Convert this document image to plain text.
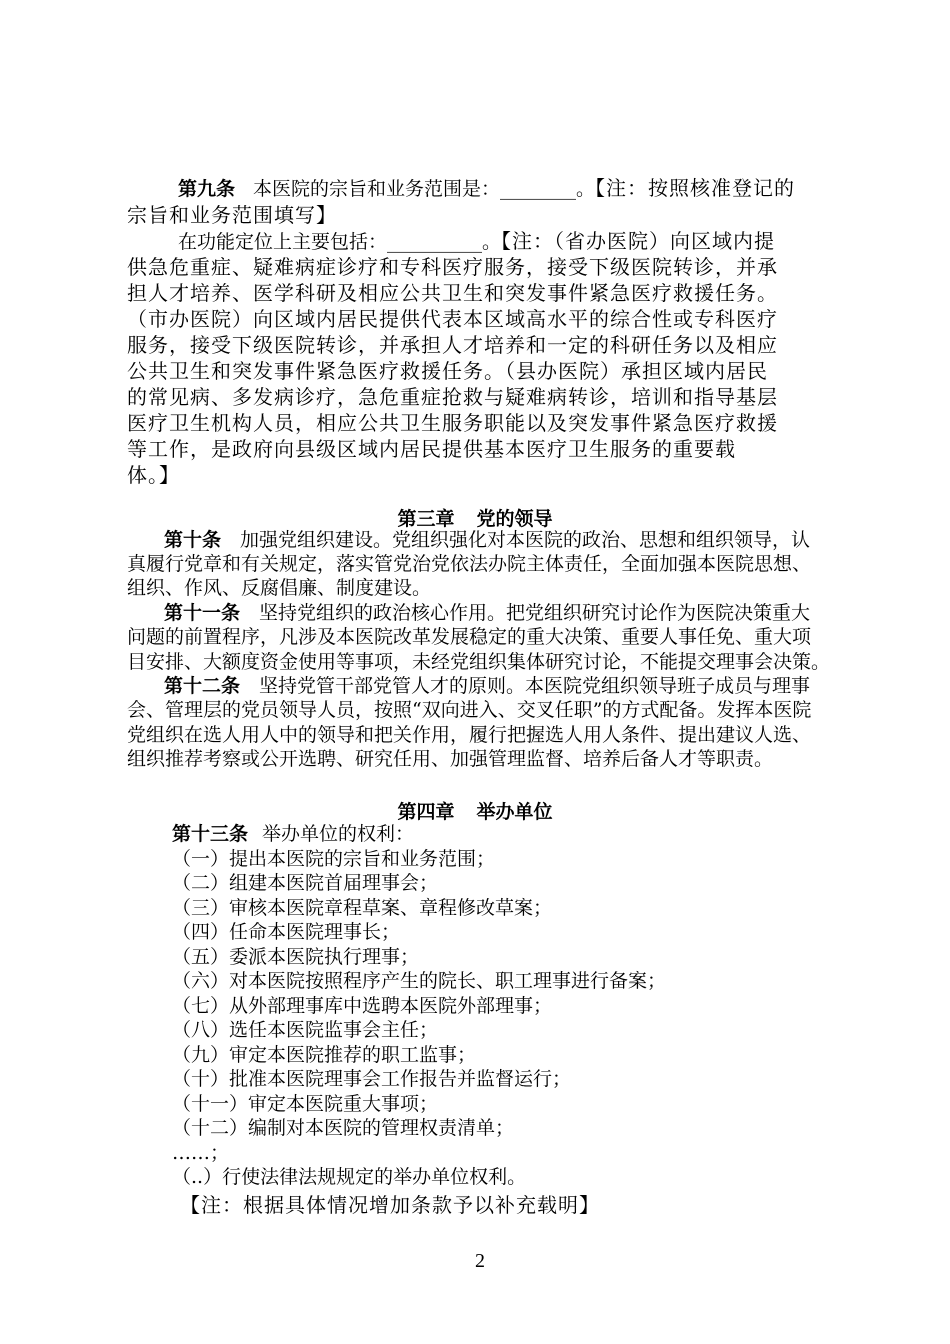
第九条 本医院的宗旨和业务范围是：________。【注：按照核准登记的
宗旨和业务范围填写】
在功能定位上主要包括：__________。【注：（省办医院）向区域内提
供急危重症、疑难病症诊疗和专科医疗服务，接受下级医院转诊，并承
担人才培养、医学科研及相应公共卫生和突发事件紧急医疗救援任务。
（市办医院）向区域内居民提供代表本区域高水平的综合性或专科医疗
服务，接受下级医院转诊，并承担人才培养和一定的科研任务以及相应
公共卫生和突发事件紧急医疗救援任务。（县办医院）承担区域内居民
的常见病、多发病诊疗，急危重症抢救与疑难病转诊，培训和指导基层
医疗卫生机构人员，相应公共卫生服务职能以及突发事件紧急医疗救援
等工作，是政府向县级区域内居民提供基本医疗卫生服务的重要载
体。】
第三章 党的领导
第十条 加强党组织建设。党组织强化对本医院的政治、思想和组织领导，认
真履行党章和有关规定，落实管党治党依法办院主体责任，全面加强本医院思想、
组织、作风、反腐倡廉、制度建设。
第十一条 坚持党组织的政治核心作用。把党组织研究讨论作为医院决策重大
问题的前置程序，凡涉及本医院改革发展稳定的重大决策、重要人事任免、重大项
目安排、大额度资金使用等事项，未经党组织集体研究讨论，不能提交理事会决策。
第十二条 坚持党管干部党管人才的原则。本医院党组织领导班子成员与理事
会、管理层的党员领导人员，按照“双向进入、交叉任职”的方式配备。发挥本医院
党组织在选人用人中的领导和把关作用，履行把握选人用人条件、提出建议人选、
组织推荐考察或公开选聘、研究任用、加强管理监督、培养后备人才等职责。
第四章 举办单位
第十三条 举办单位的权利：
（一）提出本医院的宗旨和业务范围；
（二）组建本医院首届理事会；
（三）审核本医院章程草案、章程修改草案；
（四）任命本医院理事长；
（五）委派本医院执行理事；
（六）对本医院按照程序产生的院长、职工理事进行备案；
（七）从外部理事库中选聘本医院外部理事；
（八）选任本医院监事会主任；
（九）审定本医院推荐的职工监事；
（十）批准本医院理事会工作报告并监督运行；
（十一）审定本医院重大事项；
（十二）编制对本医院的管理权责清单；
……；
（..）行使法律法规规定的举办单位权利。
【注：根据具体情况增加条款予以补充载明】
2
